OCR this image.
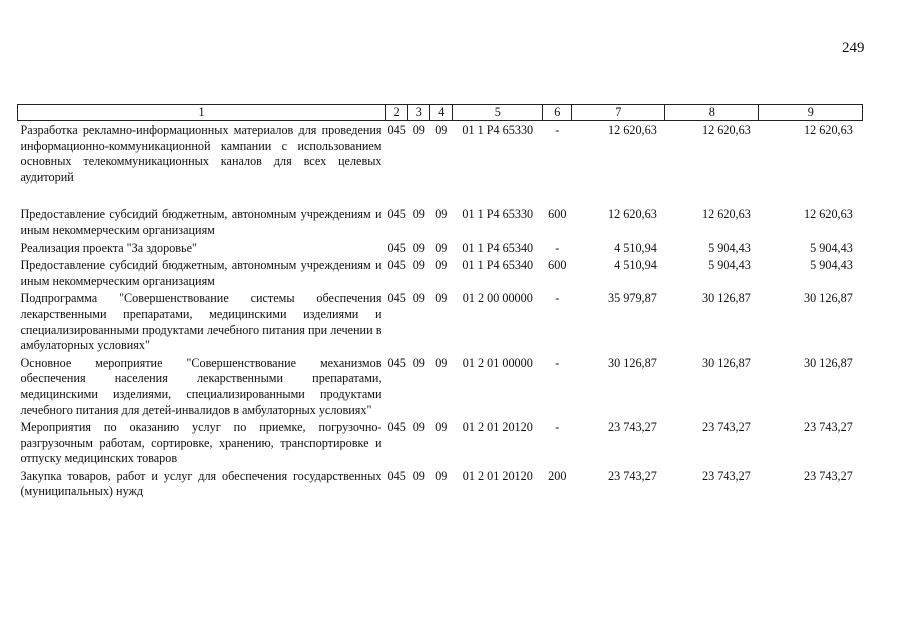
249
1	2	3	4	5	6	7	8	9
Разработка рекламно-информационных материалов для проведения информационно-коммуникационной кампании с использованием основных телекоммуникационных каналов для всех целевых аудиторий	045	09	09	01 1 Р4 65330	-	12 620,63	12 620,63	12 620,63

Предоставление субсидий бюджетным, автономным учреждениям и иным некоммерческим организациям	045	09	09	01 1 Р4 65330	600	12 620,63	12 620,63	12 620,63
Реализация проекта "За здоровье"	045	09	09	01 1 Р4 65340	-	4 510,94	5 904,43	5 904,43
Предоставление субсидий бюджетным, автономным учреждениям и иным некоммерческим организациям	045	09	09	01 1 Р4 65340	600	4 510,94	5 904,43	5 904,43
Подпрограмма "Совершенствование системы обеспечения лекарственными препаратами, медицинскими изделиями и специализированными продуктами лечебного питания при лечении в амбулаторных условиях"	045	09	09	01 2 00 00000	-	35 979,87	30 126,87	30 126,87
Основное мероприятие "Совершенствование механизмов обеспечения населения лекарственными препаратами, медицинскими изделиями, специализированными продуктами лечебного питания для детей-инвалидов в амбулаторных условиях"	045	09	09	01 2 01 00000	-	30 126,87	30 126,87	30 126,87
Мероприятия по оказанию услуг по приемке, погрузочно-разгрузочным работам, сортировке, хранению, транспортировке и отпуску медицинских товаров	045	09	09	01 2 01 20120	-	23 743,27	23 743,27	23 743,27
Закупка товаров, работ и услуг для обеспечения государственных (муниципальных) нужд	045	09	09	01 2 01 20120	200	23 743,27	23 743,27	23 743,27
